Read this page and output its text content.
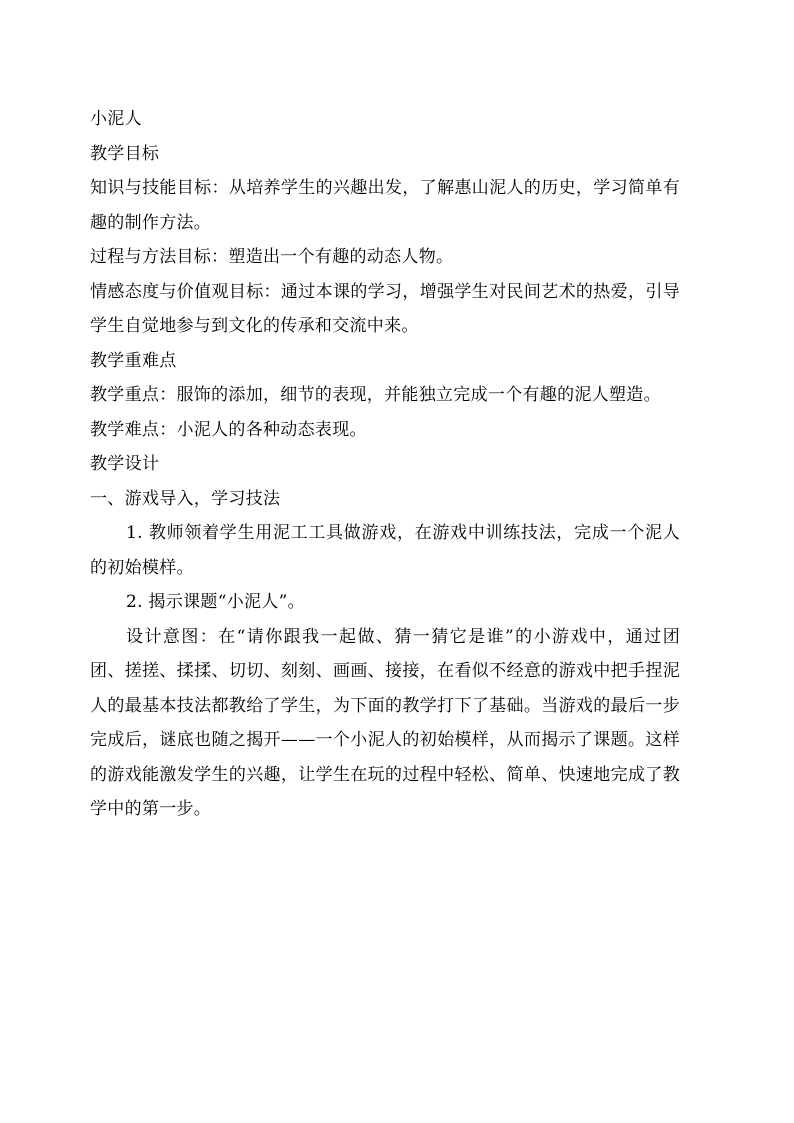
小泥人

教学目标

知识与技能目标：从培养学生的兴趣出发，了解惠山泥人的历史，学习简单有趣的制作方法。

过程与方法目标：塑造出一个有趣的动态人物。

情感态度与价值观目标：通过本课的学习，增强学生对民间艺术的热爱，引导学生自觉地参与到文化的传承和交流中来。

教学重难点

教学重点：服饰的添加，细节的表现，并能独立完成一个有趣的泥人塑造。

教学难点：小泥人的各种动态表现。

教学设计

一、游戏导入，学习技法

1. 教师领着学生用泥工工具做游戏，在游戏中训练技法，完成一个泥人的初始模样。

2. 揭示课题“小泥人”。

设计意图：在“请你跟我一起做、猜一猜它是谁”的小游戏中，通过团团、搓搓、揉揉、切切、刻刻、画画、接接，在看似不经意的游戏中把手捏泥人的最基本技法都教给了学生，为下面的教学打下了基础。当游戏的最后一步完成后，谜底也随之揭开——一个小泥人的初始模样，从而揭示了课题。这样的游戏能激发学生的兴趣，让学生在玩的过程中轻松、简单、快速地完成了教学中的第一步。
